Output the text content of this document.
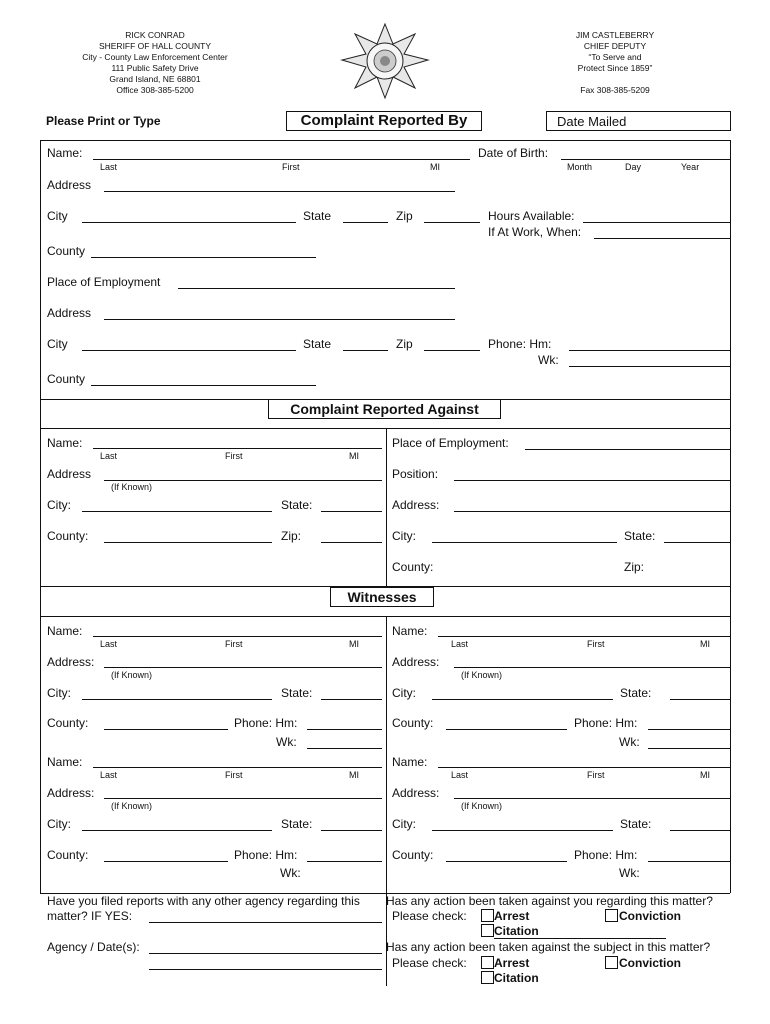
RICK CONRAD
SHERIFF OF HALL COUNTY
City - County Law Enforcement Center
111 Public Safety Drive
Grand Island, NE 68801
Office 308-385-5200
JIM CASTLEBERRY
CHIEF DEPUTY
“To Serve and
Protect Since 1859”
Fax 308-385-5209
Please Print or Type	Complaint Reported By	Date Mailed
Name:
Last	First	MI
Date of Birth:
Month	Day	Year
Address
City	State	Zip	Hours Available:
If At Work, When:
County
Place of Employment
Address
City	State	Zip	Phone: Hm:
Wk:
County
Complaint Reported Against
Name:
Last	First	MI
Address
(If Known)
City:	State:
County:	Zip:
Place of Employment:
Position:
Address:
City:	State:
County:	Zip:
Witnesses
Name:
Last	First	MI
Address:
(If Known)
City:	State:
County:	Phone: Hm:
Wk:
Name:
Last	First	MI
Address:
(If Known)
City:	State:
County:	Phone: Hm:
Wk:
Name:
Last	First	MI
Address:
(If Known)
City:	State:
County:	Phone: Hm:
Wk:
Name:
Last	First	MI
Address:
(If Known)
City:	State:
County:	Phone: Hm:
Wk:
Have you filed reports with any other agency regarding this
matter? IF YES:
Agency / Date(s):
Has any action been taken against you regarding this matter?
Please check: Arrest	Conviction
Citation
Has any action been taken against the subject in this matter?
Please check: Arrest	Conviction
Citation
